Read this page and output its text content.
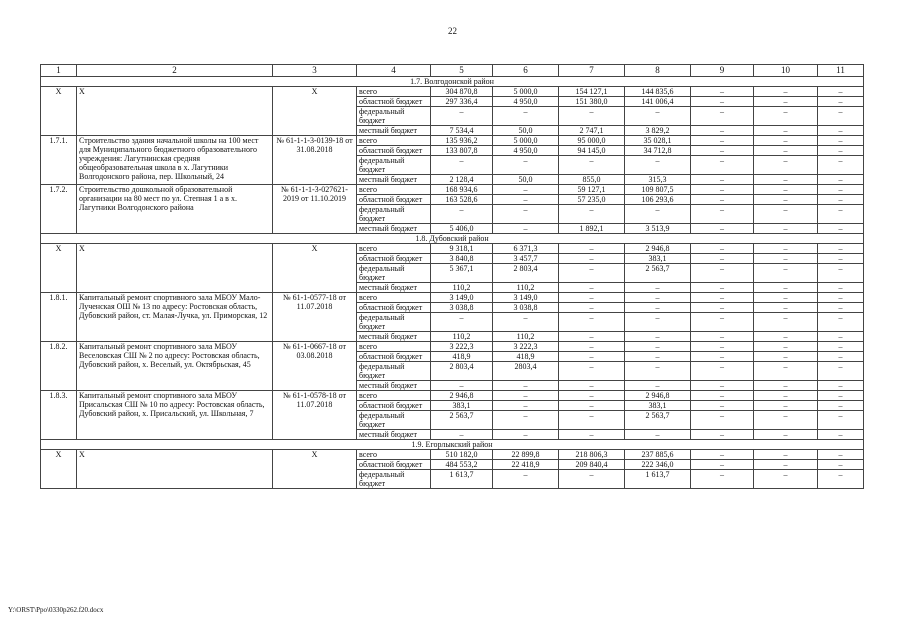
22
1	2	3	4	5	6	7	8	9	10	11
1.7. Волгодонской район										
Х	Х	Х	всего	304 870,8	5 000,0	154 127,1	144 835,6	–	–	–
			областной бюджет	297 336,4	4 950,0	151 380,0	141 006,4	–	–	–
			федеральный бюджет	–	–	–	–	–	–	–
			местный бюджет	7 534,4	50,0	2 747,1	3 829,2	–	–	–
1.7.1.	Строительство здания начальной школы на 100 мест для Муниципального бюджетного образовательного учреждения: Лагутнинская средняя общеобразовательная школа в х. Лагутники Волгодонского района, пер. Школьный, 24	№ 61-1-1-3-0139-18 от 31.08.2018	всего	135 936,2	5 000,0	95 000,0	35 028,1	–	–	–
			областной бюджет	133 807,8	4 950,0	94 145,0	34 712,8	–	–	–
			федеральный бюджет	–	–	–	–	–	–	–
			местный бюджет	2 128,4	50,0	855,0	315,3	–	–	–
1.7.2.	Строительство дошкольной образовательной организации на 80 мест по ул. Степная 1 а в х. Лагутники Волгодонского района	№ 61-1-1-3-027621-2019 от 11.10.2019	всего	168 934,6	–	59 127,1	109 807,5	–	–	–
			областной бюджет	163 528,6	–	57 235,0	106 293,6	–	–	–
			федеральный бюджет	–	–	–	–	–	–	–
			местный бюджет	5 406,0	–	1 892,1	3 513,9	–	–	–
1.8. Дубовский район										
Х	Х	Х	всего	9 318,1	6 371,3	–	2 946,8	–	–	–
			областной бюджет	3 840,8	3 457,7	–	383,1	–	–	–
			федеральный бюджет	5 367,1	2 803,4	–	2 563,7	–	–	–
			местный бюджет	110,2	110,2	–	–	–	–	–
1.8.1.	Капитальный ремонт спортивного зала МБОУ Мало-Лученская ОШ № 13 по адресу: Ростовская область, Дубовский район, ст. Малая-Лучка, ул. Приморская, 12	№ 61-1-0577-18 от 11.07.2018	всего	3 149,0	3 149,0	–	–	–	–	–
			областной бюджет	3 038,8	3 038,8	–	–	–	–	–
			федеральный бюджет	–	–	–	–	–	–	–
			местный бюджет	110,2	110,2	–	–	–	–	–
1.8.2.	Капитальный ремонт спортивного зала МБОУ Веселовская СШ № 2 по адресу: Ростовская область, Дубовский район, х. Веселый, ул. Октябрьская, 45	№ 61-1-0667-18 от 03.08.2018	всего	3 222,3	3 222,3	–	–	–	–	–
			областной бюджет	418,9	418,9	–	–	–	–	–
			федеральный бюджет	2 803,4	2803,4	–	–	–	–	–
			местный бюджет	–	–	–	–	–	–	–
1.8.3.	Капитальный ремонт спортивного зала МБОУ Присальская СШ № 10 по адресу: Ростовская область, Дубовский район, х. Присальский, ул. Школьная, 7	№ 61-1-0578-18 от 11.07.2018	всего	2 946,8	–	–	2 946,8	–	–	–
			областной бюджет	383,1	–	–	383,1	–	–	–
			федеральный бюджет	2 563,7	–	–	2 563,7	–	–	–
			местный бюджет	–	–	–	–	–	–	–
1.9. Егорлыкский район										
Х	Х	Х	всего	510 182,0	22 899,8	218 806,3	237 885,6	–	–	–
			областной бюджет	484 553,2	22 418,9	209 840,4	222 346,0	–	–	–
			федеральный бюджет	1 613,7	–	–	1 613,7	–	–	–
Y:\ORST\Ppo\0330p262.f20.docx
